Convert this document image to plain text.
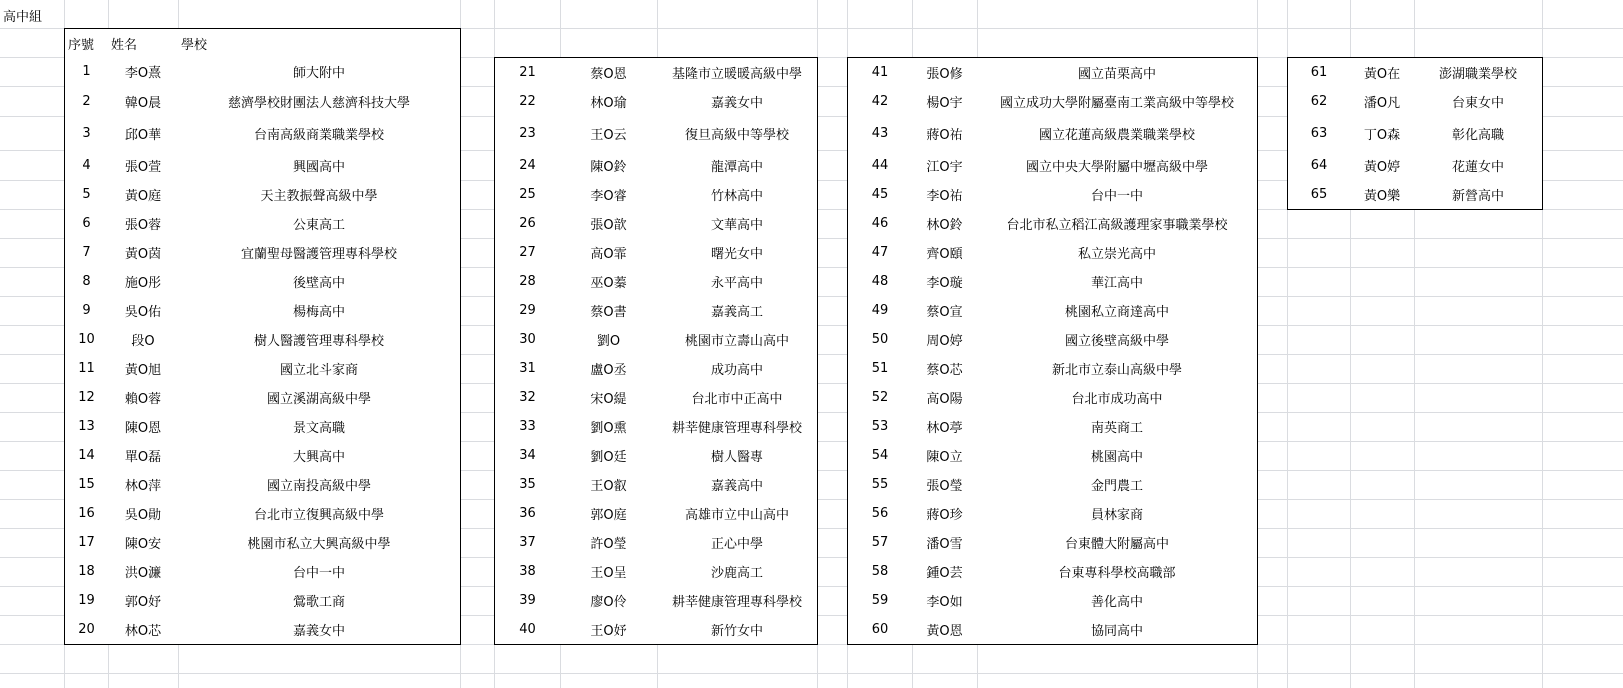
高中組
序號	姓名	學校
1	李O熹	師大附中
2	韓O晨	慈濟學校財團法人慈濟科技大學
3	邱O華	台南高級商業職業學校
4	張O萱	興國高中
5	黃O庭	天主教振聲高級中學
6	張O蓉	公東高工
7	黃O茵	宜蘭聖母醫護管理專科學校
8	施O彤	後壁高中
9	吳O佑	楊梅高中
10	段O	樹人醫護管理專科學校
11	黃O旭	國立北斗家商
12	賴O蓉	國立溪湖高級中學
13	陳O恩	景文高職
14	單O磊	大興高中
15	林O萍	國立南投高級中學
16	吳O勛	台北市立復興高級中學
17	陳O安	桃園市私立大興高級中學
18	洪O濂	台中一中
19	郭O妤	鶯歌工商
20	林O芯	嘉義女中
21	蔡O恩	基隆市立暖暖高級中學
22	林O瑜	嘉義女中
23	王O云	復旦高級中等學校
24	陳O鈴	龍潭高中
25	李O睿	竹林高中
26	張O歆	文華高中
27	高O霏	曙光女中
28	巫O蓁	永平高中
29	蔡O書	嘉義高工
30	劉O	桃園市立壽山高中
31	盧O丞	成功高中
32	宋O緹	台北市中正高中
33	劉O熏	耕莘健康管理專科學校
34	劉O廷	樹人醫專
35	王O叡	嘉義高中
36	郭O庭	高雄市立中山高中
37	許O瑩	正心中學
38	王O呈	沙鹿高工
39	廖O伶	耕莘健康管理專科學校
40	王O妤	新竹女中
41	張O修	國立苗栗高中
42	楊O宇	國立成功大學附屬臺南工業高級中等學校
43	蔣O祐	國立花蓮高級農業職業學校
44	江O宇	國立中央大學附屬中壢高級中學
45	李O祐	台中一中
46	林O鈴	台北市私立稻江高級護理家事職業學校
47	齊O頤	私立崇光高中
48	李O璇	華江高中
49	蔡O宣	桃園私立商達高中
50	周O婷	國立後壁高級中學
51	蔡O芯	新北市立泰山高級中學
52	高O陽	台北市成功高中
53	林O葶	南英商工
54	陳O立	桃園高中
55	張O瑩	金門農工
56	蔣O珍	員林家商
57	潘O雪	台東體大附屬高中
58	鍾O芸	台東專科學校高職部
59	李O如	善化高中
60	黃O恩	協同高中
61	黃O在	澎湖職業學校
62	潘O凡	台東女中
63	丁O森	彰化高職
64	黃O婷	花蓮女中
65	黃O樂	新營高中
